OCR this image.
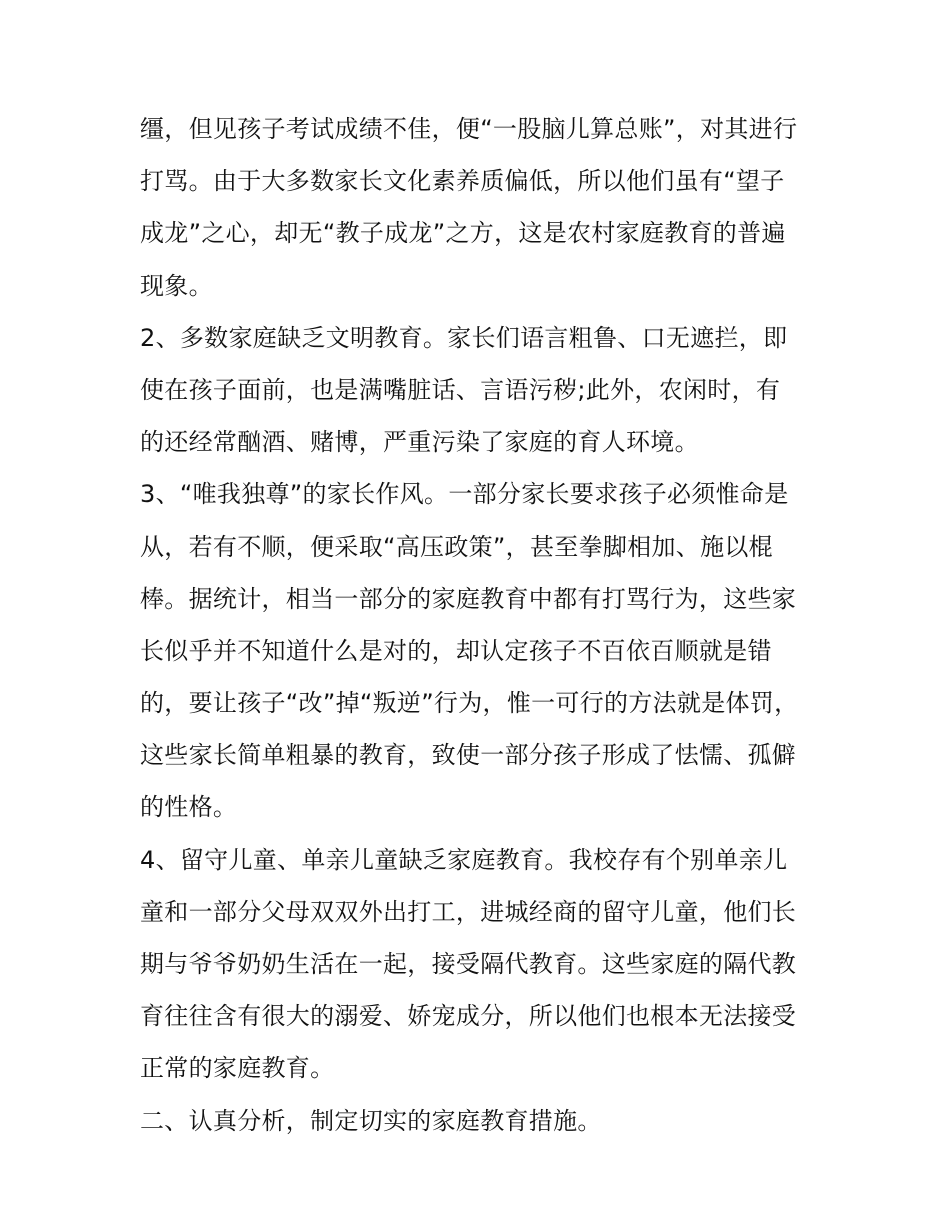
缰，但见孩子考试成绩不佳，便“一股脑儿算总账”，对其进行
打骂。由于大多数家长文化素养质偏低，所以他们虽有“望子
成龙”之心，却无“教子成龙”之方，这是农村家庭教育的普遍
现象。
2、多数家庭缺乏文明教育。家长们语言粗鲁、口无遮拦，即
使在孩子面前，也是满嘴脏话、言语污秽;此外，农闲时，有
的还经常酗酒、赌博，严重污染了家庭的育人环境。
3、“唯我独尊”的家长作风。一部分家长要求孩子必须惟命是
从，若有不顺，便采取“高压政策”，甚至拳脚相加、施以棍
棒。据统计，相当一部分的家庭教育中都有打骂行为，这些家
长似乎并不知道什么是对的，却认定孩子不百依百顺就是错
的，要让孩子“改”掉“叛逆”行为，惟一可行的方法就是体罚，
这些家长简单粗暴的教育，致使一部分孩子形成了怯懦、孤僻
的性格。
4、留守儿童、单亲儿童缺乏家庭教育。我校存有个别单亲儿
童和一部分父母双双外出打工，进城经商的留守儿童，他们长
期与爷爷奶奶生活在一起，接受隔代教育。这些家庭的隔代教
育往往含有很大的溺爱、娇宠成分，所以他们也根本无法接受
正常的家庭教育。
二、认真分析，制定切实的家庭教育措施。
